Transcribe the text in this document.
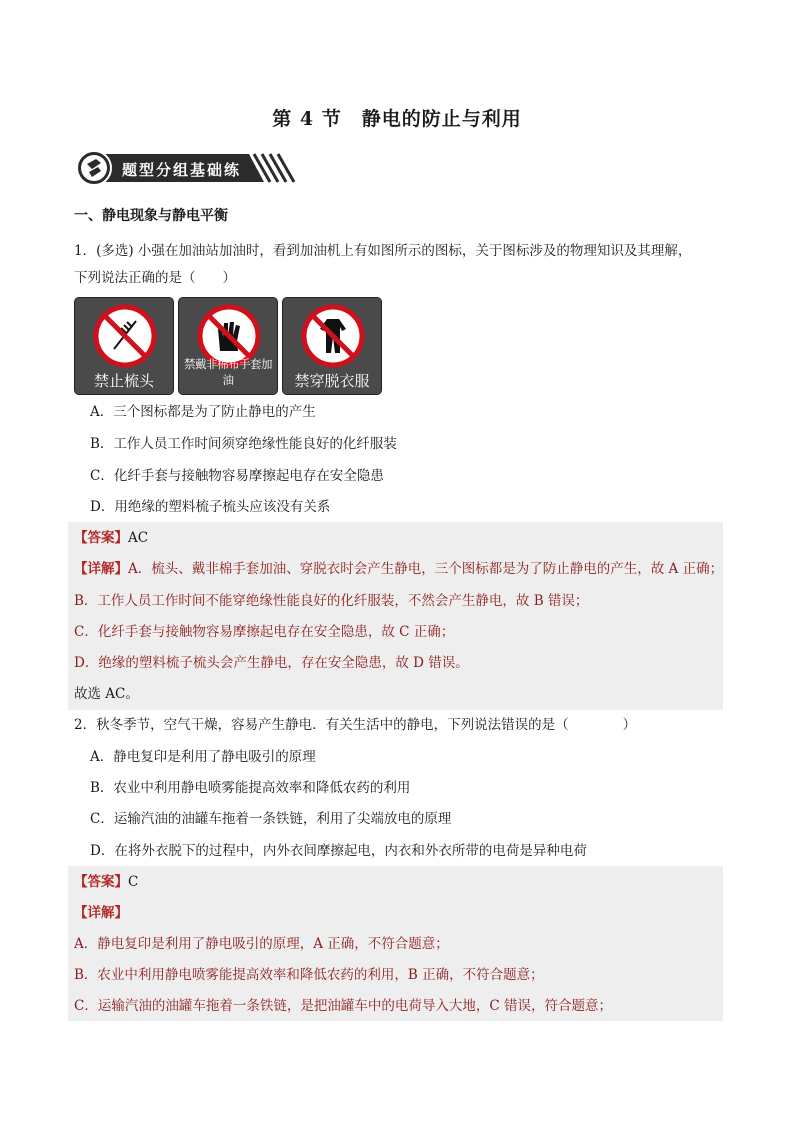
第 4 节　静电的防止与利用
题型分组基础练
一、静电现象与静电平衡
1．(多选) 小强在加油站加油时，看到加油机上有如图所示的图标，关于图标涉及的物理知识及其理解，
下列说法正确的是（　　）
禁止梳头
禁戴非棉布手套加油	禁穿脱衣服
A．三个图标都是为了防止静电的产生
B．工作人员工作时间须穿绝缘性能良好的化纤服装
C．化纤手套与接触物容易摩擦起电存在安全隐患
D．用绝缘的塑料梳子梳头应该没有关系
【答案】AC
【详解】A．梳头、戴非棉手套加油、穿脱衣时会产生静电，三个图标都是为了防止静电的产生，故 A 正确；
B．工作人员工作时间不能穿绝缘性能良好的化纤服装，不然会产生静电，故 B 错误；
C．化纤手套与接触物容易摩擦起电存在安全隐患，故 C 正确；
D．绝缘的塑料梳子梳头会产生静电，存在安全隐患，故 D 错误。
故选 AC。
2．秋冬季节，空气干燥，容易产生静电．有关生活中的静电，下列说法错误的是（　　　　）
A．静电复印是利用了静电吸引的原理
B．农业中利用静电喷雾能提高效率和降低农药的利用
C．运输汽油的油罐车拖着一条铁链，利用了尖端放电的原理
D．在将外衣脱下的过程中，内外衣间摩擦起电，内衣和外衣所带的电荷是异种电荷
【答案】C
【详解】
A．静电复印是利用了静电吸引的原理，A 正确，不符合题意；
B．农业中利用静电喷雾能提高效率和降低农药的利用，B 正确，不符合题意；
C．运输汽油的油罐车拖着一条铁链，是把油罐车中的电荷导入大地，C 错误，符合题意；
